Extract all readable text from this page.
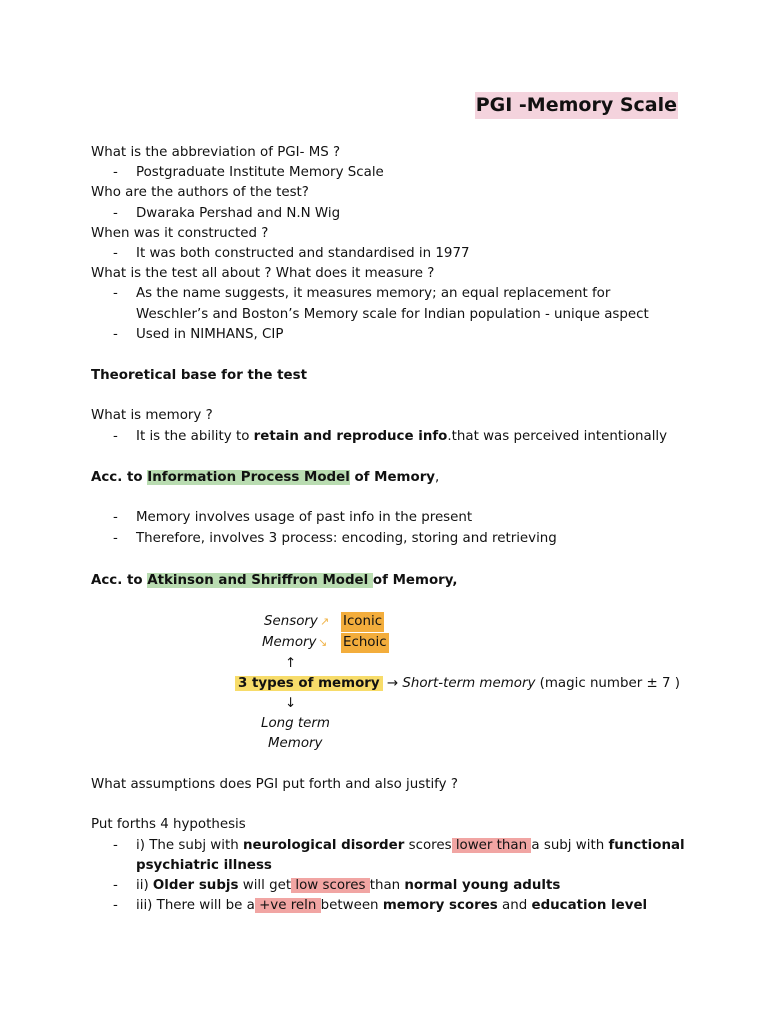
PGI -Memory Scale
What is the abbreviation of PGI- MS ?
- Postgraduate Institute Memory Scale
Who are the authors of the test?
- Dwaraka Pershad and N.N Wig
When was it constructed ?
- It was both constructed and standardised in 1977
What is the test all about ? What does it measure ?
- As the name suggests, it measures memory; an equal replacement for
Weschler’s and Boston’s Memory scale for Indian population - unique aspect
- Used in NIMHANS, CIP
Theoretical base for the test
What is memory ?
- It is the ability to retain and reproduce info.that was perceived intentionally
Acc. to Information Process Model of Memory,
- Memory involves usage of past info in the present
- Therefore, involves 3 process: encoding, storing and retrieving
Acc. to Atkinson and Shriffron Model of Memory,
Sensory ↗ Iconic
Memory ↘ Echoic
↑
3 types of memory → Short-term memory (magic number ± 7 )
↓
Long term
Memory
What assumptions does PGI put forth and also justify ?
Put forths 4 hypothesis
- i) The subj with neurological disorder scores lower than a subj with functional
psychiatric illness
- ii) Older subjs will get low scores than normal young adults
- iii) There will be a +ve reln between memory scores and education level
